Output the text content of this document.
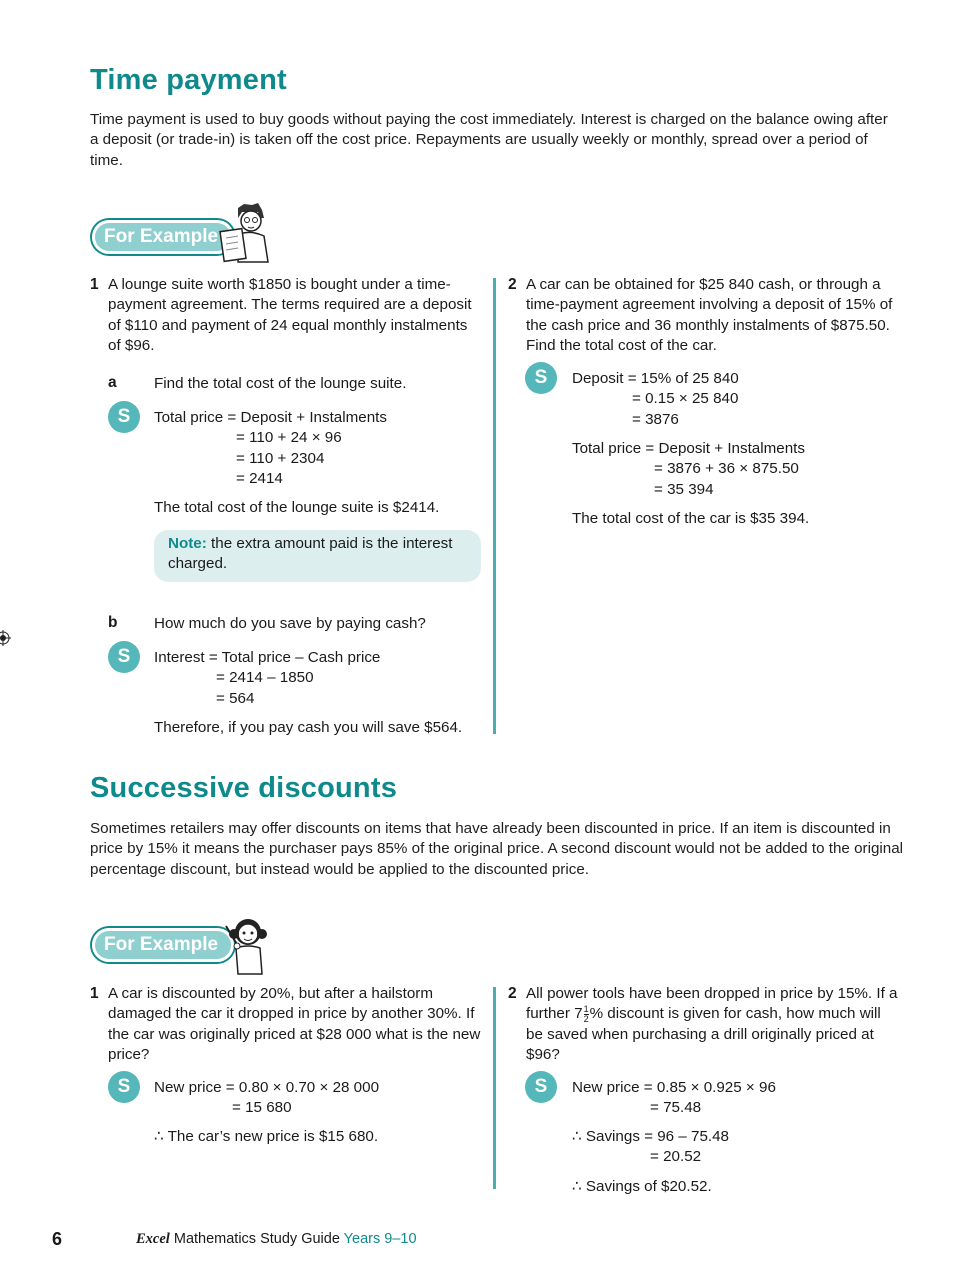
Time payment
Time payment is used to buy goods without paying the cost immediately. Interest is charged on the balance owing after a deposit (or trade-in) is taken off the cost price. Repayments are usually weekly or monthly, spread over a period of time.
For Example
1 A lounge suite worth $1850 is bought under a time-payment agreement. The terms required are a deposit of $110 and payment of 24 equal monthly instalments of $96.
a Find the total cost of the lounge suite.
S	Total price = Deposit + Instalments
= 110 + 24 × 96
= 110 + 2304
= 2414
The total cost of the lounge suite is $2414.
Note: the extra amount paid is the interest charged.
b How much do you save by paying cash?
S	Interest = Total price – Cash price
= 2414 – 1850
= 564
Therefore, if you pay cash you will save $564.
2 A car can be obtained for $25 840 cash, or through a time-payment agreement involving a deposit of 15% of the cash price and 36 monthly instalments of $875.50. Find the total cost of the car.
S	Deposit = 15% of 25 840
= 0.15 × 25 840
= 3876
Total price = Deposit + Instalments
= 3876 + 36 × 875.50
= 35 394
The total cost of the car is $35 394.
Successive discounts
Sometimes retailers may offer discounts on items that have already been discounted in price. If an item is discounted in price by 15% it means the purchaser pays 85% of the original price. A second discount would not be added to the original percentage discount, but instead would be applied to the discounted price.
For Example
1 A car is discounted by 20%, but after a hailstorm damaged the car it dropped in price by another 30%. If the car was originally priced at $28 000 what is the new price?
S	New price = 0.80 × 0.70 × 28 000
= 15 680
∴ The car’s new price is $15 680.
2 All power tools have been dropped in price by 15%. If a further $7 \frac{1}{2}$ % discount is given for cash, how much will be saved when purchasing a drill originally priced at $96?
S	New price = 0.85 × 0.925 × 96
= 75.48
∴ Savings = 96 – 75.48
= 20.52
∴ Savings of $20.52.
6	Excel Mathematics Study Guide Years 9–10
